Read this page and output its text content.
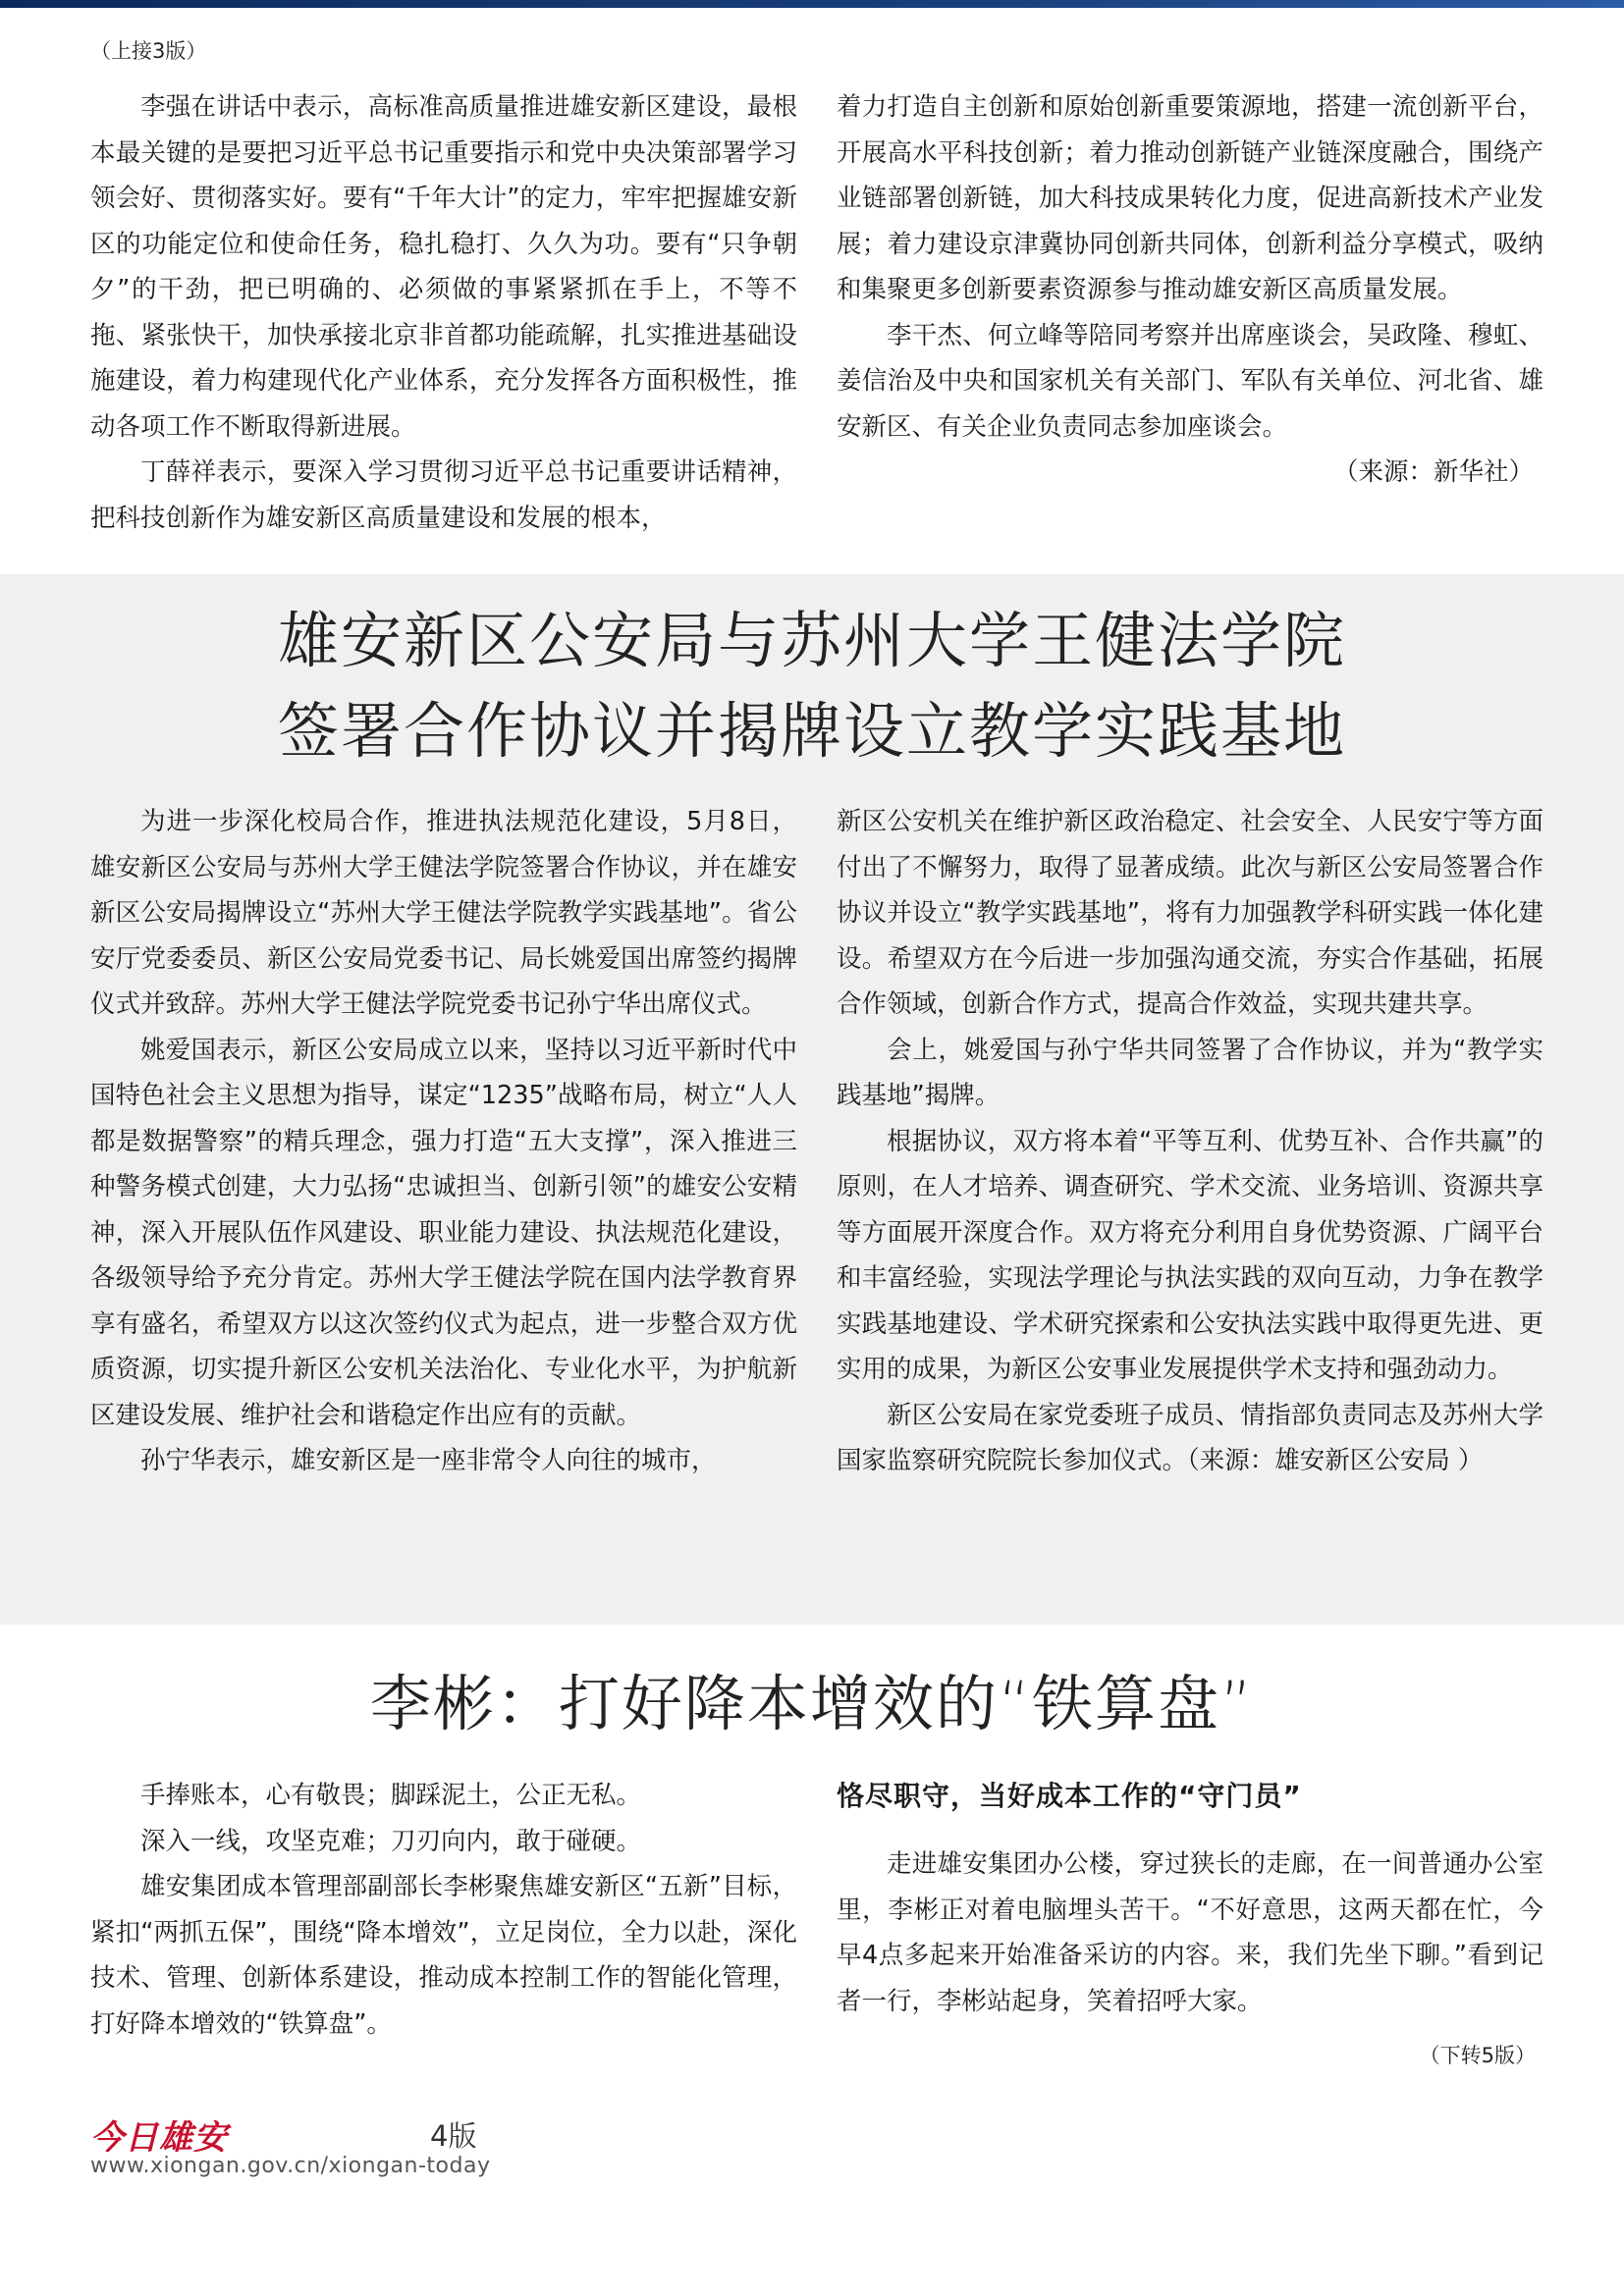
（上接3版）

李强在讲话中表示，高标准高质量推进雄安新区建设，最根本最关键的是要把习近平总书记重要指示和党中央决策部署学习领会好、贯彻落实好。要有“千年大计”的定力，牢牢把握雄安新区的功能定位和使命任务，稳扎稳打、久久为功。要有“只争朝夕”的干劲，把已明确的、必须做的事紧紧抓在手上，不等不拖、紧张快干，加快承接北京非首都功能疏解，扎实推进基础设施建设，着力构建现代化产业体系，充分发挥各方面积极性，推动各项工作不断取得新进展。

丁薛祥表示，要深入学习贯彻习近平总书记重要讲话精神，把科技创新作为雄安新区高质量建设和发展的根本，

着力打造自主创新和原始创新重要策源地，搭建一流创新平台，开展高水平科技创新；着力推动创新链产业链深度融合，围绕产业链部署创新链，加大科技成果转化力度，促进高新技术产业发展；着力建设京津冀协同创新共同体，创新利益分享模式，吸纳和集聚更多创新要素资源参与推动雄安新区高质量发展。

李干杰、何立峰等陪同考察并出席座谈会，吴政隆、穆虹、姜信治及中央和国家机关有关部门、军队有关单位、河北省、雄安新区、有关企业负责同志参加座谈会。

（来源：新华社）
雄安新区公安局与苏州大学王健法学院
签署合作协议并揭牌设立教学实践基地

为进一步深化校局合作，推进执法规范化建设，5月8日，雄安新区公安局与苏州大学王健法学院签署合作协议，并在雄安新区公安局揭牌设立“苏州大学王健法学院教学实践基地”。省公安厅党委委员、新区公安局党委书记、局长姚爱国出席签约揭牌仪式并致辞。苏州大学王健法学院党委书记孙宁华出席仪式。

姚爱国表示，新区公安局成立以来，坚持以习近平新时代中国特色社会主义思想为指导，谋定“1235”战略布局，树立“人人都是数据警察”的精兵理念，强力打造“五大支撑”，深入推进三种警务模式创建，大力弘扬“忠诚担当、创新引领”的雄安公安精神，深入开展队伍作风建设、职业能力建设、执法规范化建设，各级领导给予充分肯定。苏州大学王健法学院在国内法学教育界享有盛名，希望双方以这次签约仪式为起点，进一步整合双方优质资源，切实提升新区公安机关法治化、专业化水平，为护航新区建设发展、维护社会和谐稳定作出应有的贡献。

孙宁华表示，雄安新区是一座非常令人向往的城市，

新区公安机关在维护新区政治稳定、社会安全、人民安宁等方面付出了不懈努力，取得了显著成绩。此次与新区公安局签署合作协议并设立“教学实践基地”，将有力加强教学科研实践一体化建设。希望双方在今后进一步加强沟通交流，夯实合作基础，拓展合作领域，创新合作方式，提高合作效益，实现共建共享。

会上，姚爱国与孙宁华共同签署了合作协议，并为“教学实践基地”揭牌。

根据协议，双方将本着“平等互利、优势互补、合作共赢”的原则，在人才培养、调查研究、学术交流、业务培训、资源共享等方面展开深度合作。双方将充分利用自身优势资源、广阔平台和丰富经验，实现法学理论与执法实践的双向互动，力争在教学实践基地建设、学术研究探索和公安执法实践中取得更先进、更实用的成果，为新区公安事业发展提供学术支持和强劲动力。

新区公安局在家党委班子成员、情指部负责同志及苏州大学国家监察研究院院长参加仪式。（来源：雄安新区公安局 ）

李彬：打好降本增效的“铁算盘”

手捧账本，心有敬畏；脚踩泥土，公正无私。

深入一线，攻坚克难；刀刃向内，敢于碰硬。

雄安集团成本管理部副部长李彬聚焦雄安新区“五新”目标，紧扣“两抓五保”，围绕“降本增效”，立足岗位，全力以赴，深化技术、管理、创新体系建设，推动成本控制工作的智能化管理，打好降本增效的“铁算盘”。

恪尽职守，当好成本工作的“守门员”

走进雄安集团办公楼，穿过狭长的走廊，在一间普通办公室里，李彬正对着电脑埋头苦干。“不好意思，这两天都在忙，今早4点多起来开始准备采访的内容。来，我们先坐下聊。”看到记者一行，李彬站起身，笑着招呼大家。

（下转5版）
今日雄安	4版
www.xiongan.gov.cn/xiongan-today
